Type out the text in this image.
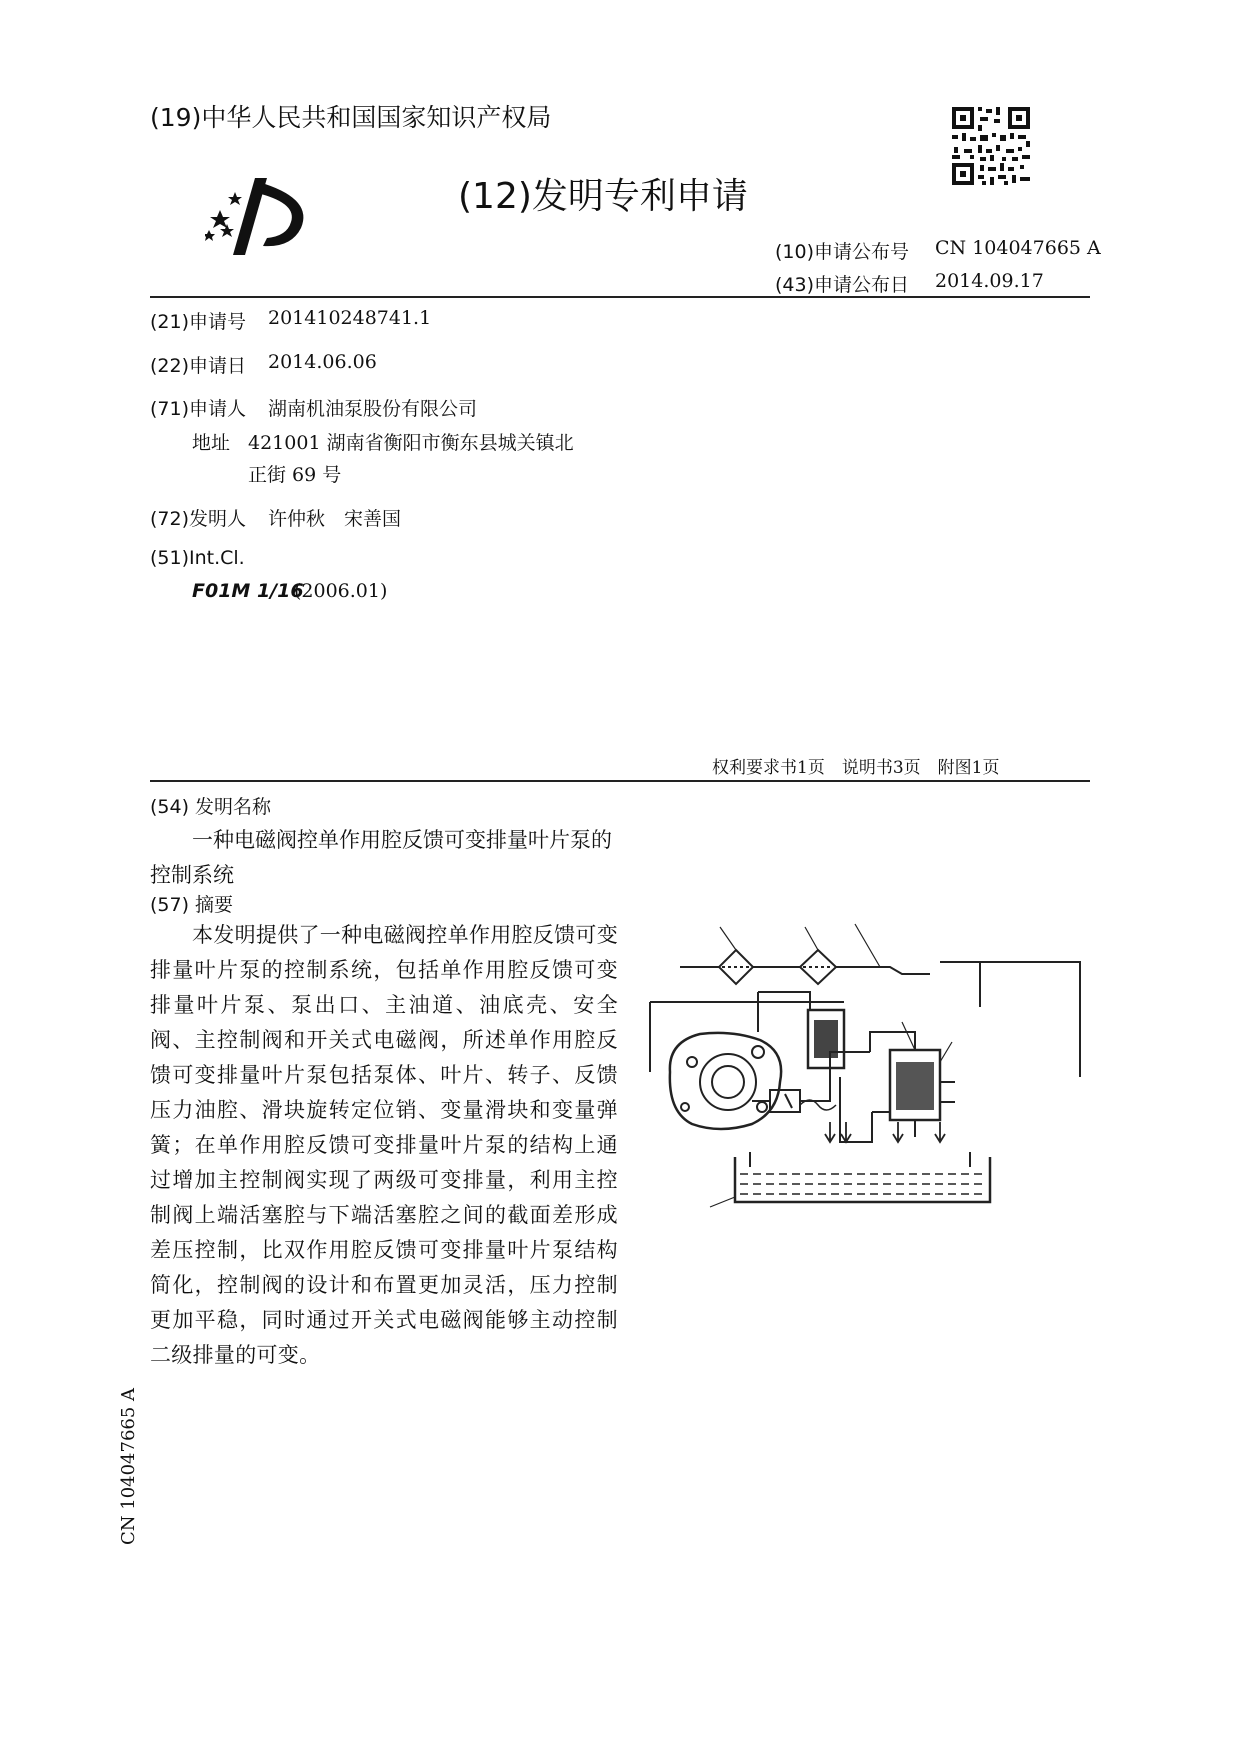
(19)中华人民共和国国家知识产权局
(12)发明专利申请
(10)申请公布号 CN 104047665 A
(43)申请公布日 2014.09.17
(21)申请号 201410248741.1
(22)申请日 2014.06.06
(71)申请人 湖南机油泵股份有限公司
地址 421001 湖南省衡阳市衡东县城关镇北
正街 69 号
(72)发明人 许仲秋　宋善国
(51)Int.Cl.
F01M 1/16
(2006.01)
权利要求书1页　说明书3页　附图1页
(54) 发明名称
一种电磁阀控单作用腔反馈可变排量叶片泵的控制系统
(57) 摘要
本发明提供了一种电磁阀控单作用腔反馈可变排量叶片泵的控制系统，包括单作用腔反馈可变排量叶片泵、泵出口、主油道、油底壳、安全阀、主控制阀和开关式电磁阀，所述单作用腔反馈可变排量叶片泵包括泵体、叶片、转子、反馈压力油腔、滑块旋转定位销、变量滑块和变量弹簧；在单作用腔反馈可变排量叶片泵的结构上通过增加主控制阀实现了两级可变排量，利用主控制阀上端活塞腔与下端活塞腔之间的截面差形成差压控制，比双作用腔反馈可变排量叶片泵结构简化，控制阀的设计和布置更加灵活，压力控制更加平稳，同时通过开关式电磁阀能够主动控制二级排量的可变。
CN 104047665 A
